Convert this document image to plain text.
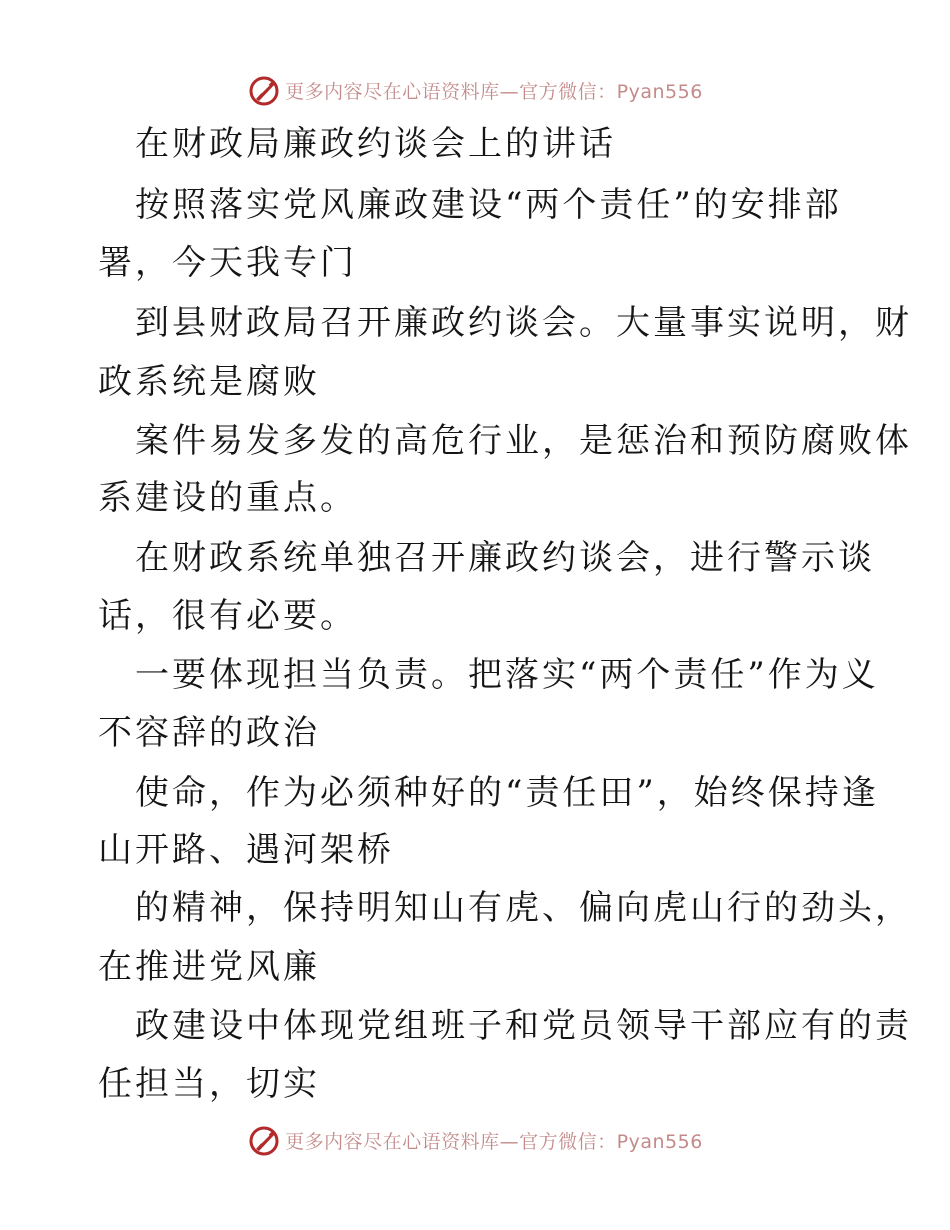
更多内容尽在心语资料库—官方微信：Pyan556
　在财政局廉政约谈会上的讲话
　按照落实党风廉政建设“两个责任”的安排部
署，今天我专门
　到县财政局召开廉政约谈会。大量事实说明，财
政系统是腐败
　案件易发多发的高危行业，是惩治和预防腐败体
系建设的重点。
　在财政系统单独召开廉政约谈会，进行警示谈
话，很有必要。
　一要体现担当负责。把落实“两个责任”作为义
不容辞的政治
　使命，作为必须种好的“责任田”，始终保持逢
山开路、遇河架桥
　的精神，保持明知山有虎、偏向虎山行的劲头，
在推进党风廉
　政建设中体现党组班子和党员领导干部应有的责
任担当，切实
更多内容尽在心语资料库—官方微信：Pyan556
